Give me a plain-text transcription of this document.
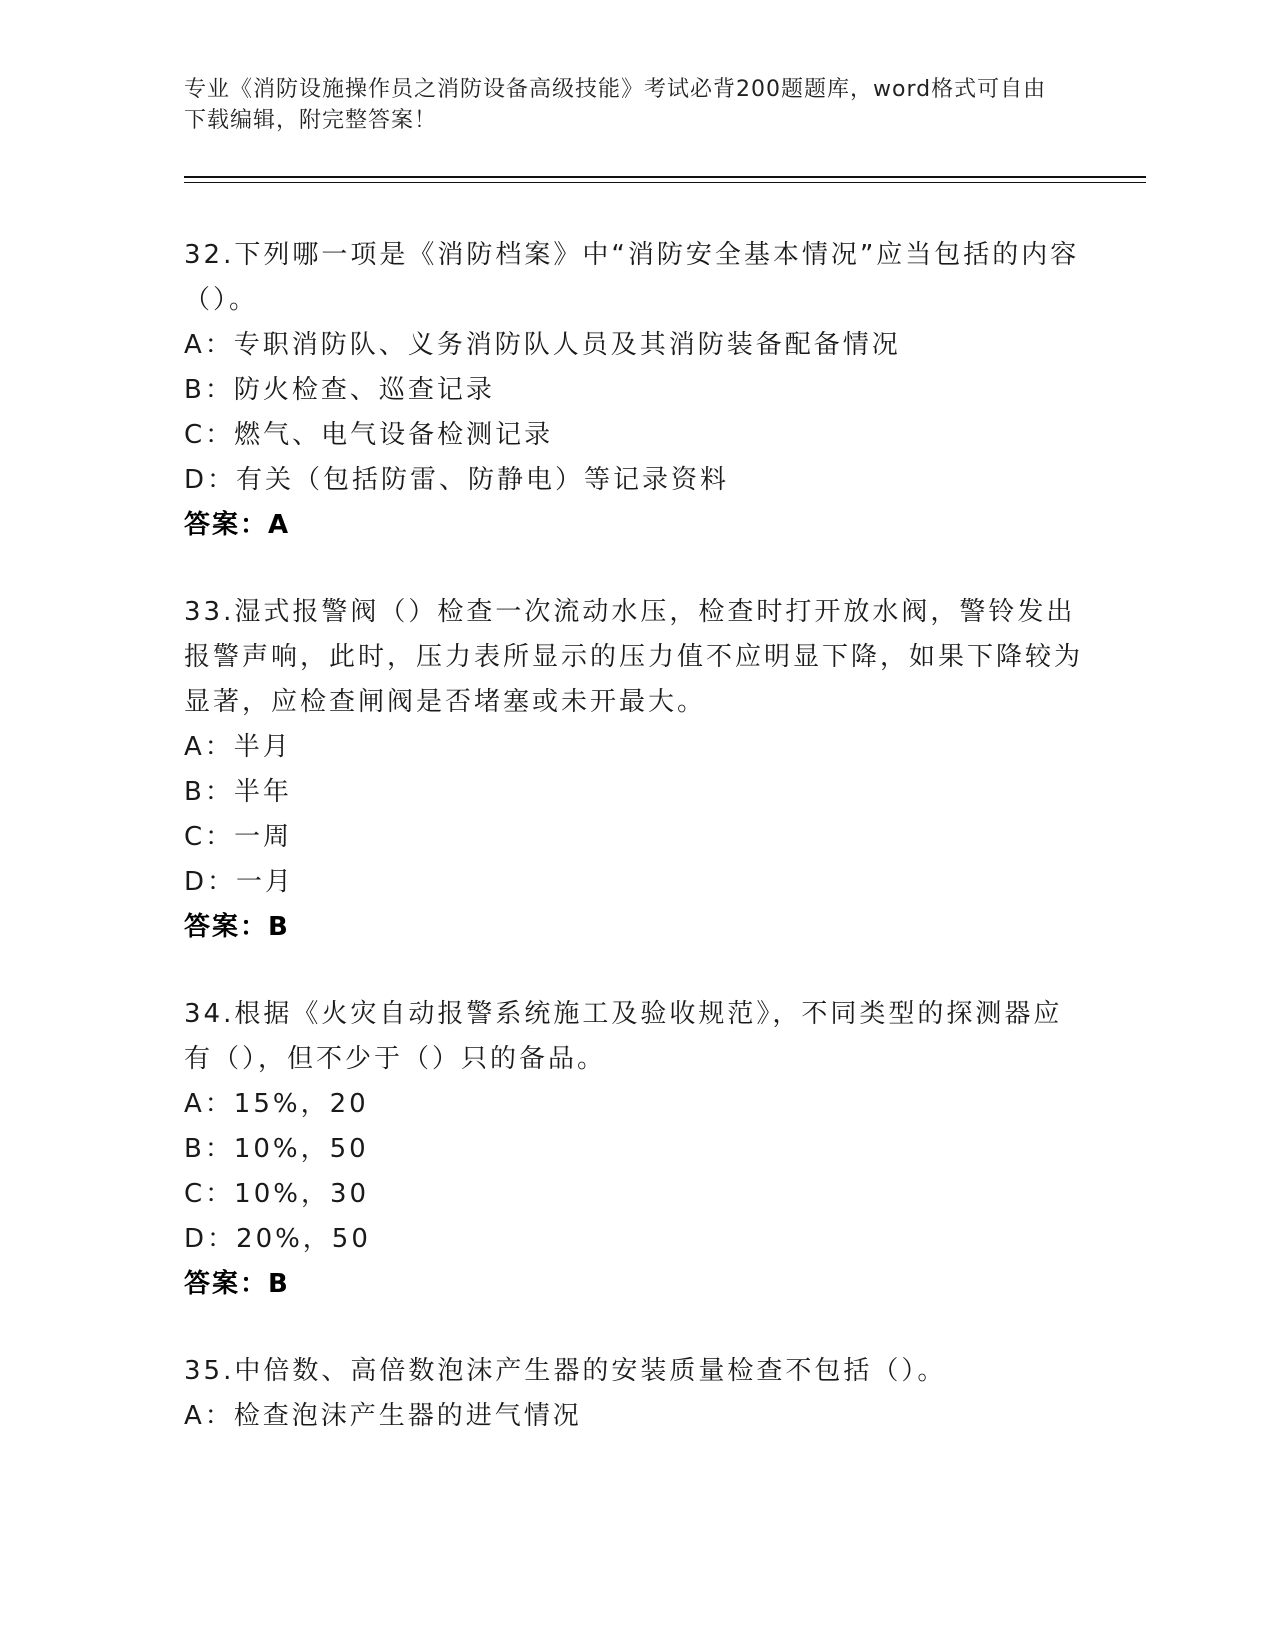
专业《消防设施操作员之消防设备高级技能》考试必背200题题库，word格式可自由下载编辑，附完整答案！
32.下列哪一项是《消防档案》中“消防安全基本情况”应当包括的内容（）。
A：专职消防队、义务消防队人员及其消防装备配备情况
B：防火检查、巡查记录
C：燃气、电气设备检测记录
D：有关（包括防雷、防静电）等记录资料
答案：A
33.湿式报警阀（）检查一次流动水压，检查时打开放水阀，警铃发出报警声响，此时，压力表所显示的压力值不应明显下降，如果下降较为显著，应检查闸阀是否堵塞或未开最大。
A：半月
B：半年
C：一周
D：一月
答案：B
34.根据《火灾自动报警系统施工及验收规范》，不同类型的探测器应有（），但不少于（）只的备品。
A：15%，20
B：10%，50
C：10%，30
D：20%，50
答案：B
35.中倍数、高倍数泡沫产生器的安装质量检查不包括（）。
A：检查泡沫产生器的进气情况
